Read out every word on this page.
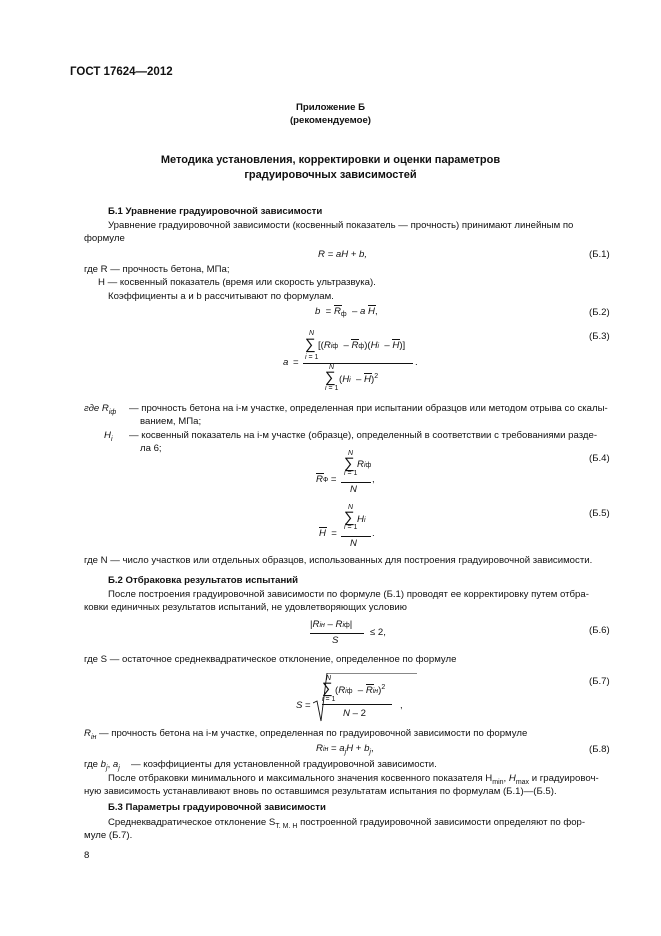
ГОСТ 17624—2012
Приложение Б
(рекомендуемое)
Методика установления, корректировки и оценки параметров
градуировочных зависимостей
Б.1 Уравнение градуировочной зависимости
Уравнение градуировочной зависимости (косвенный показатель — прочность) принимают линейным по
формуле
R = aH + b,	(Б.1)
где R — прочность бетона, МПа;
H — косвенный показатель (время или скорость ультразвука).
Коэффициенты a и b рассчитывают по формулам.
b  = R
$_ф$  – a H
,	(Б.2)
N
∑
i = 1
[(Riф  – R
ф)(Hi  – H
)]
a =	.
N
∑
i = 1
(Hi  – H
)$^2$
(Б.3)
где $R_{iф}$ — прочность бетона на i-м участке, определенная при испытании образцов или методом отрыва со скалы-
ванием, МПа;
$H_i$ — косвенный показатель на i-м участке (образце), определенный в соответствии с требованиями разде-
ла 6;	N
∑
i = 1
Riф
R
Ф =	,
N
(Б.4)
N
∑
i = 1
Hi
H
=	.
N
(Б.5)
где N — число участков или отдельных образцов, использованных для построения градуировочной зависимости.
Б.2 Отбраковка результатов испытаний
После построения градуировочной зависимости по формуле (Б.1) проводят ее корректировку путем отбра-
ковки единичных результатов испытаний, не удовлетворяющих условию
|Riн – Riф|
S
≤ 2,	(Б.6)
где S — остаточное среднеквадратическое отклонение, определенное по формуле
S =
N
∑
i = 1
(Riф  – R
iн)$^2$
N – 2
,
(Б.7)
$R_{iн}$ — прочность бетона на i-м участке, определенная по градуировочной зависимости по формуле
Riн = $a_jH + b_j$,	(Б.8)
где $b_j$, $a_j$ — коэффициенты для установленной градуировочной зависимости.
После отбраковки минимального и максимального значения косвенного показателя $H_{min}$, $H_{max}$ и градуировоч-
ную зависимость устанавливают вновь по оставшимся результатам испытания по формулам (Б.1)—(Б.5).
Б.3 Параметры градуировочной зависимости
Среднеквадратическое отклонение $S_{Т. М. Н}$ построенной градуировочной зависимости определяют по фор-
муле (Б.7).
8
